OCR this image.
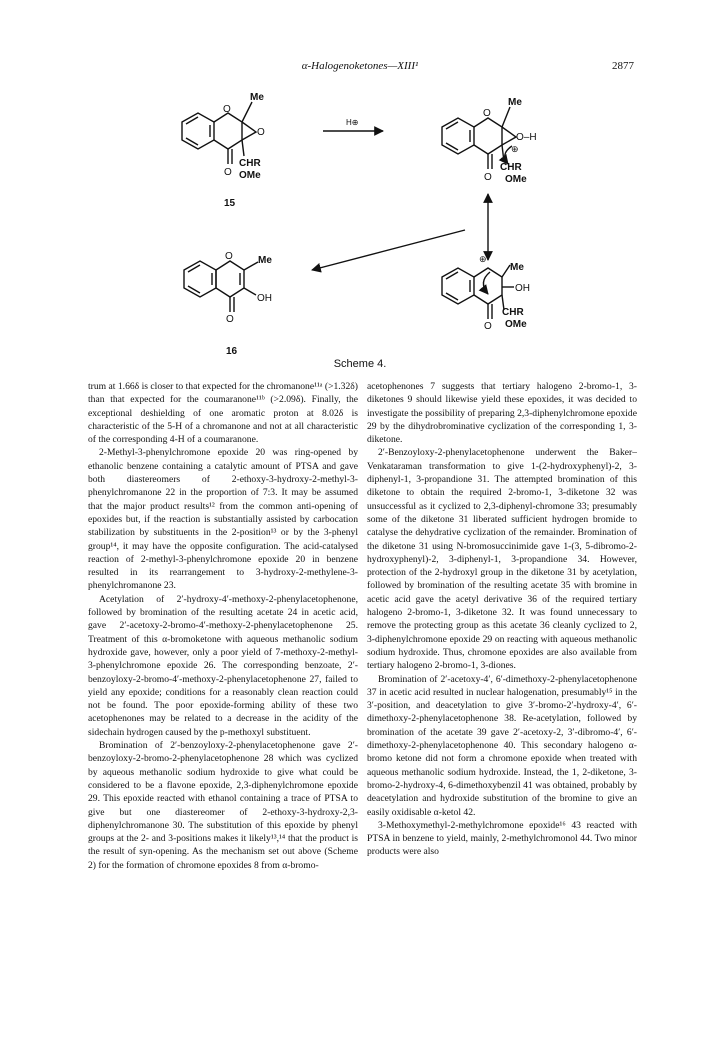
α-Halogenoketones—XIII¹	2877
O
Me
O
O
CHR
OMe
15
H⊕
O
Me
O–H
⊕
O
CHR
OMe
⊕
Me
OH
O
CHR
OMe
O	Me
OH
O
16
Scheme 4.

trum at 1.66δ is closer to that expected for the chromanone¹¹ᵃ (>1.32δ) than that expected for the coumaranone¹¹ᵇ (>2.09δ). Finally, the exceptional deshielding of one aromatic proton at 8.02δ is characteristic of the 5-H of a chromanone and not at all characteristic of the corresponding 4-H of a coumaranone.

2-Methyl-3-phenylchromone epoxide 20 was ring-opened by ethanolic benzene containing a catalytic amount of PTSA and gave both diastereomers of 2-ethoxy-3-hydroxy-2-methyl-3-phenylchromanone 22 in the proportion of 7:3. It may be assumed that the major product results¹² from the common anti-opening of epoxides but, if the reaction is substantially assisted by carbocation stabilization by substituents in the 2-position¹³ or by the 3-phenyl group¹⁴, it may have the opposite configuration. The acid-catalysed reaction of 2-methyl-3-phenylchromone epoxide 20 in benzene resulted in its rearrangement to 3-hydroxy-2-methylene-3-phenylchromanone 23.

Acetylation of 2′-hydroxy-4′-methoxy-2-phenylacetophenone, followed by bromination of the resulting acetate 24 in acetic acid, gave 2′-acetoxy-2-bromo-4′-methoxy-2-phenylacetophenone 25. Treatment of this α-bromoketone with aqueous methanolic sodium hydroxide gave, however, only a poor yield of 7-methoxy-2-methyl-3-phenylchromone epoxide 26. The corresponding benzoate, 2′-benzoyloxy-2-bromo-4′-methoxy-2-phenylacetophenone 27, failed to yield any epoxide; conditions for a reasonably clean reaction could not be found. The poor epoxide-forming ability of these two acetophenones may be related to a decrease in the acidity of the sidechain hydrogen caused by the p-methoxyl substituent.

Bromination of 2′-benzoyloxy-2-phenylacetophenone gave 2′-benzoyloxy-2-bromo-2-phenylacetophenone 28 which was cyclized by aqueous methanolic sodium hydroxide to give what could be considered to be a flavone epoxide, 2,3-diphenylchromone epoxide 29. This epoxide reacted with ethanol containing a trace of PTSA to give but one diastereomer of 2-ethoxy-3-hydroxy-2,3-diphenylchromanone 30. The substitution of this epoxide by phenyl groups at the 2- and 3-positions makes it likely¹³,¹⁴ that the product is the result of syn-opening. As the mechanism set out above (Scheme 2) for the formation of chromone epoxides 8 from α-bromo-

acetophenones 7 suggests that tertiary halogeno 2-bromo-1, 3-diketones 9 should likewise yield these epoxides, it was decided to investigate the possibility of preparing 2,3-diphenylchromone epoxide 29 by the dihydrobrominative cyclization of the corresponding 1, 3-diketone.

2′-Benzoyloxy-2-phenylacetophenone underwent the Baker–Venkataraman transformation to give 1-(2-hydroxyphenyl)-2, 3-diphenyl-1, 3-propandione 31. The attempted bromination of this diketone to obtain the required 2-bromo-1, 3-diketone 32 was unsuccessful as it cyclized to 2,3-diphenyl-chromone 33; presumably some of the diketone 31 liberated sufficient hydrogen bromide to catalyse the dehydrative cyclization of the remainder. Bromination of the diketone 31 using N-bromosuccinimide gave 1-(3, 5-dibromo-2-hydroxyphenyl)-2, 3-diphenyl-1, 3-propandione 34. However, protection of the 2-hydroxyl group in the diketone 31 by acetylation, followed by bromination of the resulting acetate 35 with bromine in acetic acid gave the acetyl derivative 36 of the required tertiary halogeno 2-bromo-1, 3-diketone 32. It was found unnecessary to remove the protecting group as this acetate 36 cleanly cyclized to 2, 3-diphenylchromone epoxide 29 on reacting with aqueous methanolic sodium hydroxide. Thus, chromone epoxides are also available from tertiary halogeno 2-bromo-1, 3-diones.

Bromination of 2′-acetoxy-4′, 6′-dimethoxy-2-phenylacetophenone 37 in acetic acid resulted in nuclear halogenation, presumably¹⁵ in the 3′-position, and deacetylation to give 3′-bromo-2′-hydroxy-4′, 6′-dimethoxy-2-phenylacetophenone 38. Re-acetylation, followed by bromination of the acetate 39 gave 2′-acetoxy-2, 3′-dibromo-4′, 6′-dimethoxy-2-phenylacetophenone 40. This secondary halogeno α-bromo ketone did not form a chromone epoxide when treated with aqueous methanolic sodium hydroxide. Instead, the 1, 2-diketone, 3-bromo-2-hydroxy-4, 6-dimethoxybenzil 41 was obtained, probably by deacetylation and hydroxide substitution of the bromine to give an easily oxidisable α-ketol 42.

3-Methoxymethyl-2-methylchromone epoxide¹⁶ 43 reacted with PTSA in benzene to yield, mainly, 2-methylchromonol 44. Two minor products were also
